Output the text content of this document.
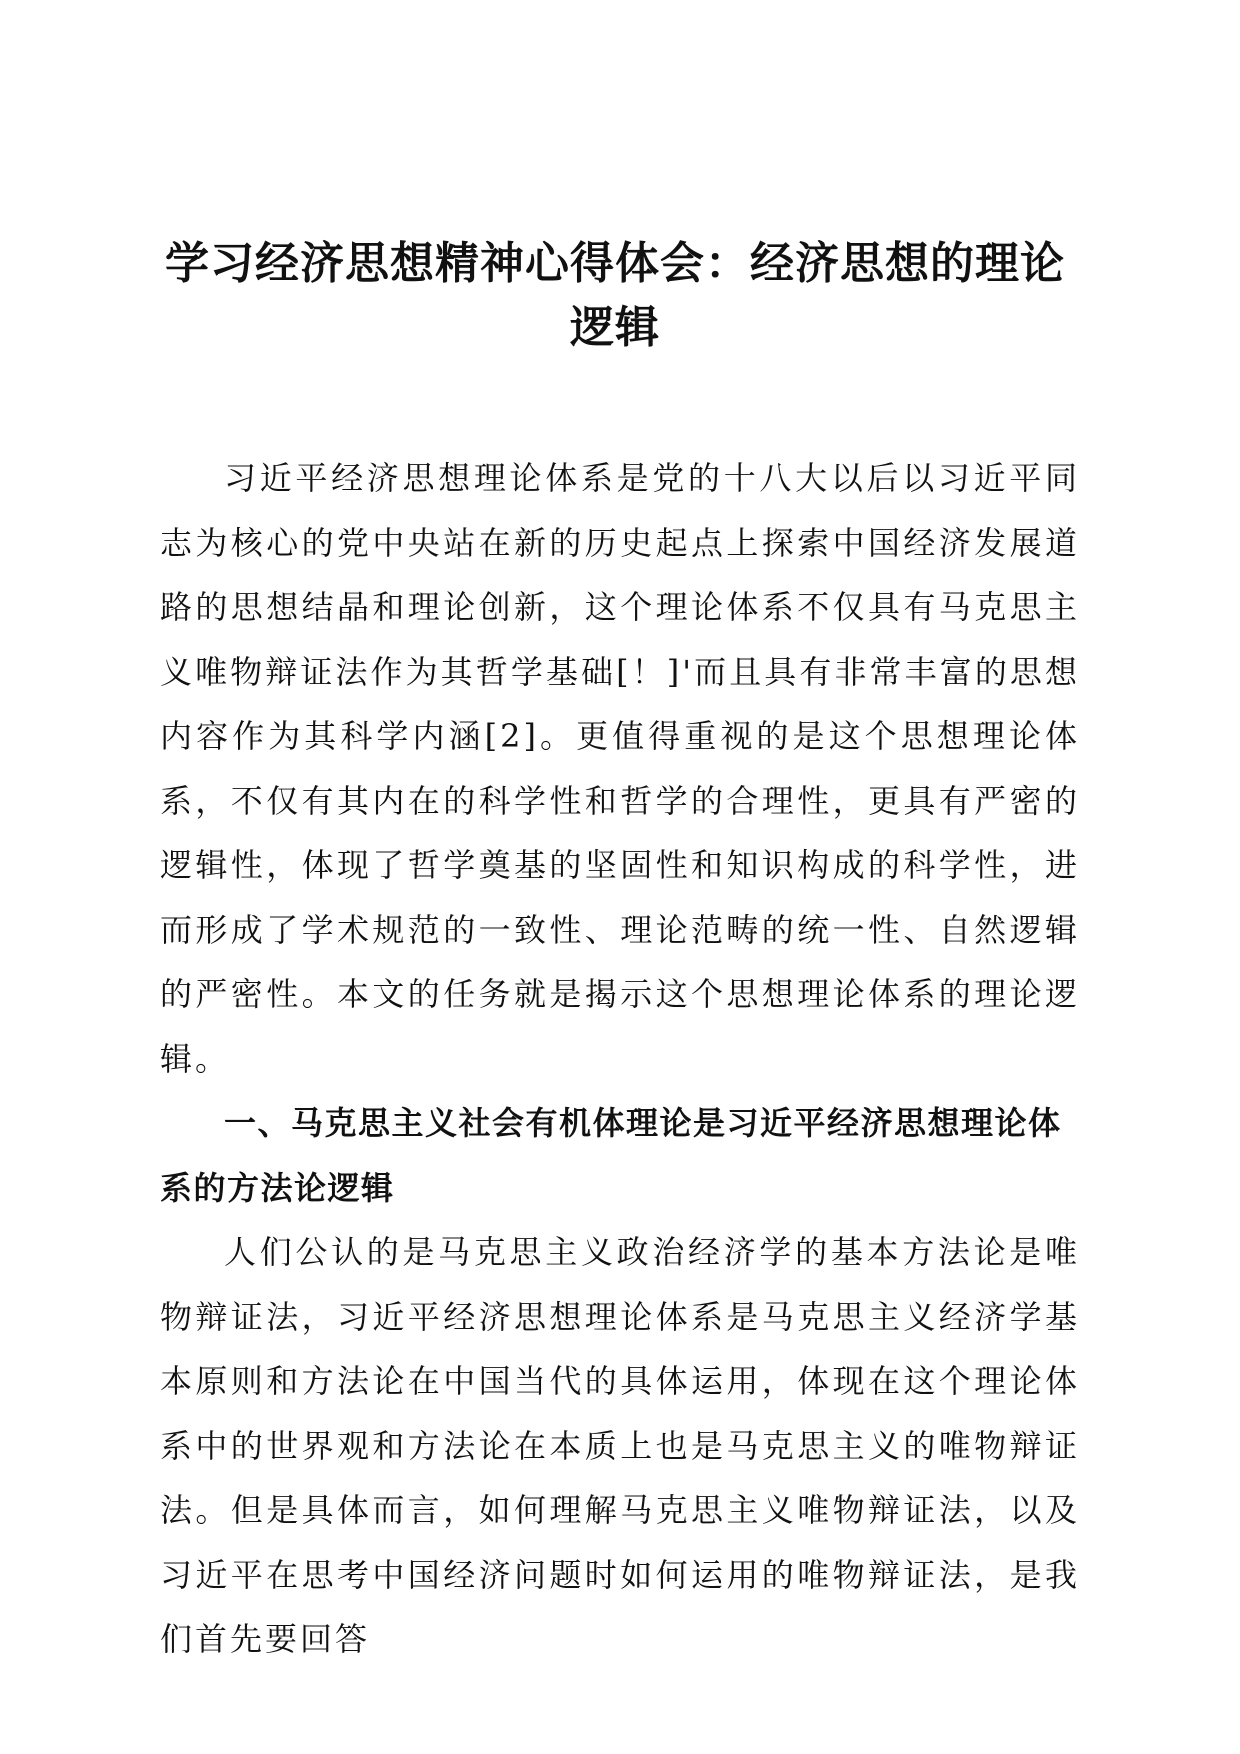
学习经济思想精神心得体会：经济思想的理论逻辑

习近平经济思想理论体系是党的十八大以后以习近平同志为核心的党中央站在新的历史起点上探索中国经济发展道路的思想结晶和理论创新，这个理论体系不仅具有马克思主义唯物辩证法作为其哲学基础[！]'而且具有非常丰富的思想内容作为其科学内涵[2]。更值得重视的是这个思想理论体系，不仅有其内在的科学性和哲学的合理性，更具有严密的逻辑性，体现了哲学奠基的坚固性和知识构成的科学性，进而形成了学术规范的一致性、理论范畴的统一性、自然逻辑的严密性。本文的任务就是揭示这个思想理论体系的理论逻辑。

一、马克思主义社会有机体理论是习近平经济思想理论体系的方法论逻辑

人们公认的是马克思主义政治经济学的基本方法论是唯物辩证法，习近平经济思想理论体系是马克思主义经济学基本原则和方法论在中国当代的具体运用，体现在这个理论体系中的世界观和方法论在本质上也是马克思主义的唯物辩证法。但是具体而言，如何理解马克思主义唯物辩证法，以及习近平在思考中国经济问题时如何运用的唯物辩证法，是我们首先要回答
